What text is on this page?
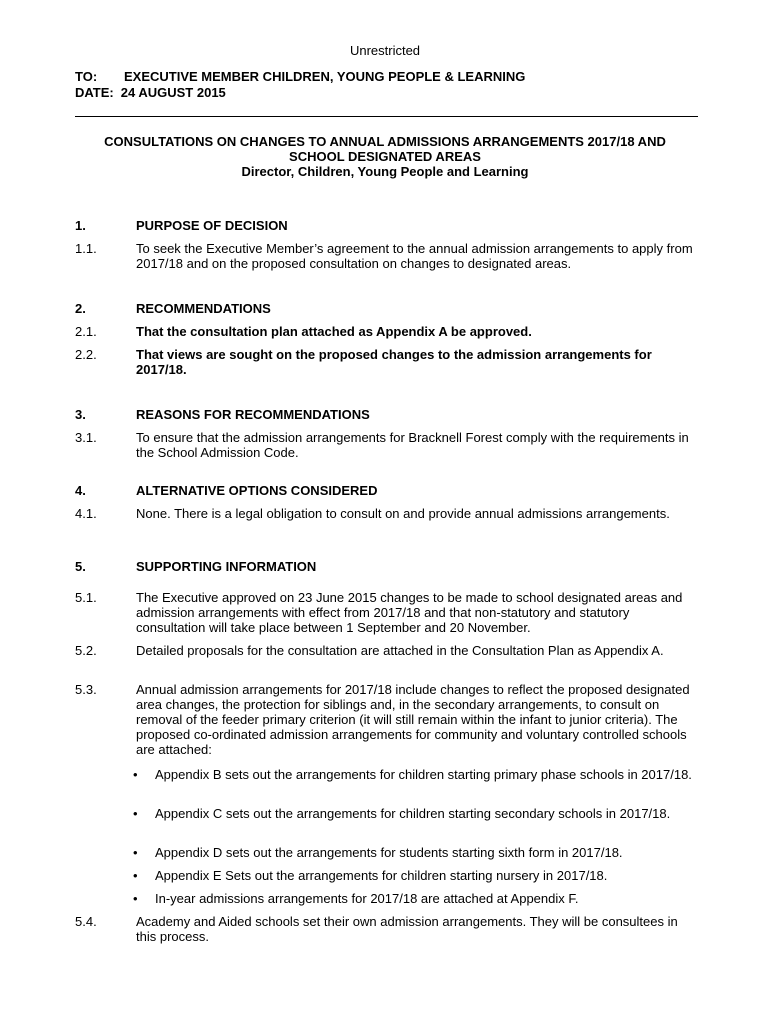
Unrestricted
TO: EXECUTIVE MEMBER CHILDREN, YOUNG PEOPLE & LEARNING
DATE: 24 AUGUST 2015
CONSULTATIONS ON CHANGES TO ANNUAL ADMISSIONS ARRANGEMENTS 2017/18 AND
SCHOOL DESIGNATED AREAS
Director, Children, Young People and Learning
1.	PURPOSE OF DECISION
1.1.	To seek the Executive Member’s agreement to the annual admission arrangements to apply from 2017/18 and on the proposed consultation on changes to designated areas.
2.	RECOMMENDATIONS
2.1.	That the consultation plan attached as Appendix A be approved.
2.2.	That views are sought on the proposed changes to the admission arrangements for 2017/18.
3.	REASONS FOR RECOMMENDATIONS
3.1.	To ensure that the admission arrangements for Bracknell Forest comply with the requirements in the School Admission Code.
4.	ALTERNATIVE OPTIONS CONSIDERED
4.1.	None. There is a legal obligation to consult on and provide annual admissions arrangements.
5.	SUPPORTING INFORMATION
5.1.	The Executive approved on 23 June 2015 changes to be made to school designated areas and admission arrangements with effect from 2017/18 and that non-statutory and statutory consultation will take place between 1 September and 20 November.
5.2.	Detailed proposals for the consultation are attached in the Consultation Plan as Appendix A.
5.3.	Annual admission arrangements for 2017/18 include changes to reflect the proposed designated area changes, the protection for siblings and, in the secondary arrangements, to consult on removal of the feeder primary criterion (it will still remain within the infant to junior criteria). The proposed co-ordinated admission arrangements for community and voluntary controlled schools are attached:
• Appendix B sets out the arrangements for children starting primary phase schools in 2017/18.
• Appendix C sets out the arrangements for children starting secondary schools in 2017/18.
• Appendix D sets out the arrangements for students starting sixth form in 2017/18.
• Appendix E Sets out the arrangements for children starting nursery in 2017/18.
• In-year admissions arrangements for 2017/18 are attached at Appendix F.
5.4.	Academy and Aided schools set their own admission arrangements. They will be consultees in this process.
